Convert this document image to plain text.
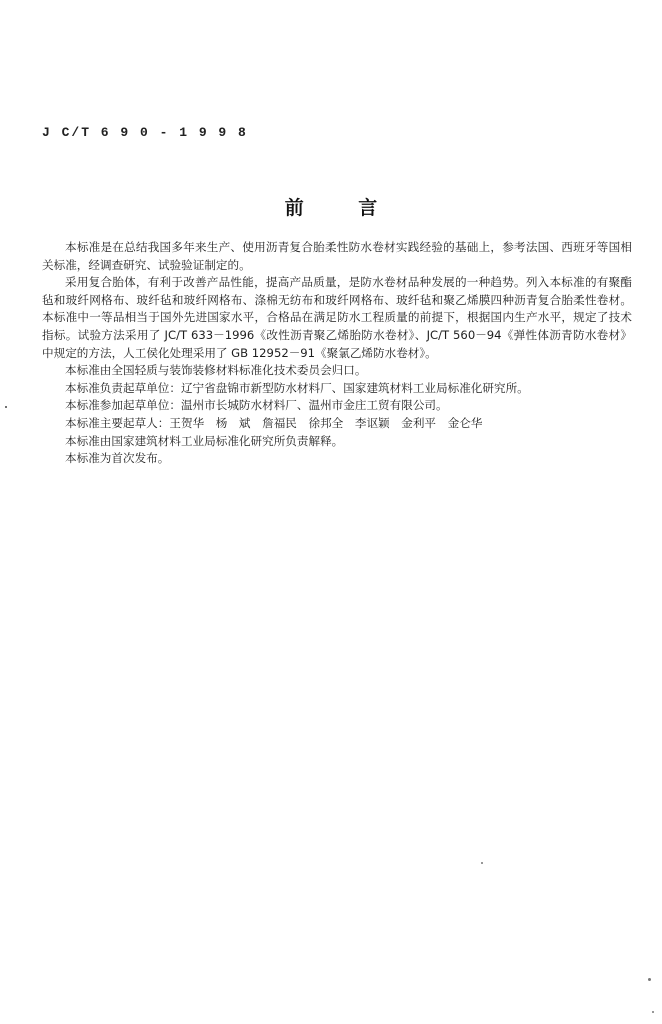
J C/T 6 9 0 - 1 9 9 8
前 言

本标准是在总结我国多年来生产、使用沥青复合胎柔性防水卷材实践经验的基础上，参考法国、西班牙等国相关标准，经调查研究、试验验证制定的。

采用复合胎体，有利于改善产品性能，提高产品质量，是防水卷材品种发展的一种趋势。列入本标准的有聚酯毡和玻纤网格布、玻纤毡和玻纤网格布、涤棉无纺布和玻纤网格布、玻纤毡和聚乙烯膜四种沥青复合胎柔性卷材。本标准中一等品相当于国外先进国家水平，合格品在满足防水工程质量的前提下，根据国内生产水平，规定了技术指标。试验方法采用了 JC/T 633－1996《改性沥青聚乙烯胎防水卷材》、JC/T 560－94《弹性体沥青防水卷材》中规定的方法，人工侯化处理采用了 GB 12952－91《聚氯乙烯防水卷材》。

本标准由全国轻质与装饰装修材料标准化技术委员会归口。

本标准负责起草单位：辽宁省盘锦市新型防水材料厂、国家建筑材料工业局标准化研究所。

本标准参加起草单位：温州市长城防水材料厂、温州市金庄工贸有限公司。

本标准主要起草人：王贺华　杨　斌　詹福民　徐邦全　李讴颖　金利平　金仑华

本标准由国家建筑材料工业局标准化研究所负责解释。

本标准为首次发布。
